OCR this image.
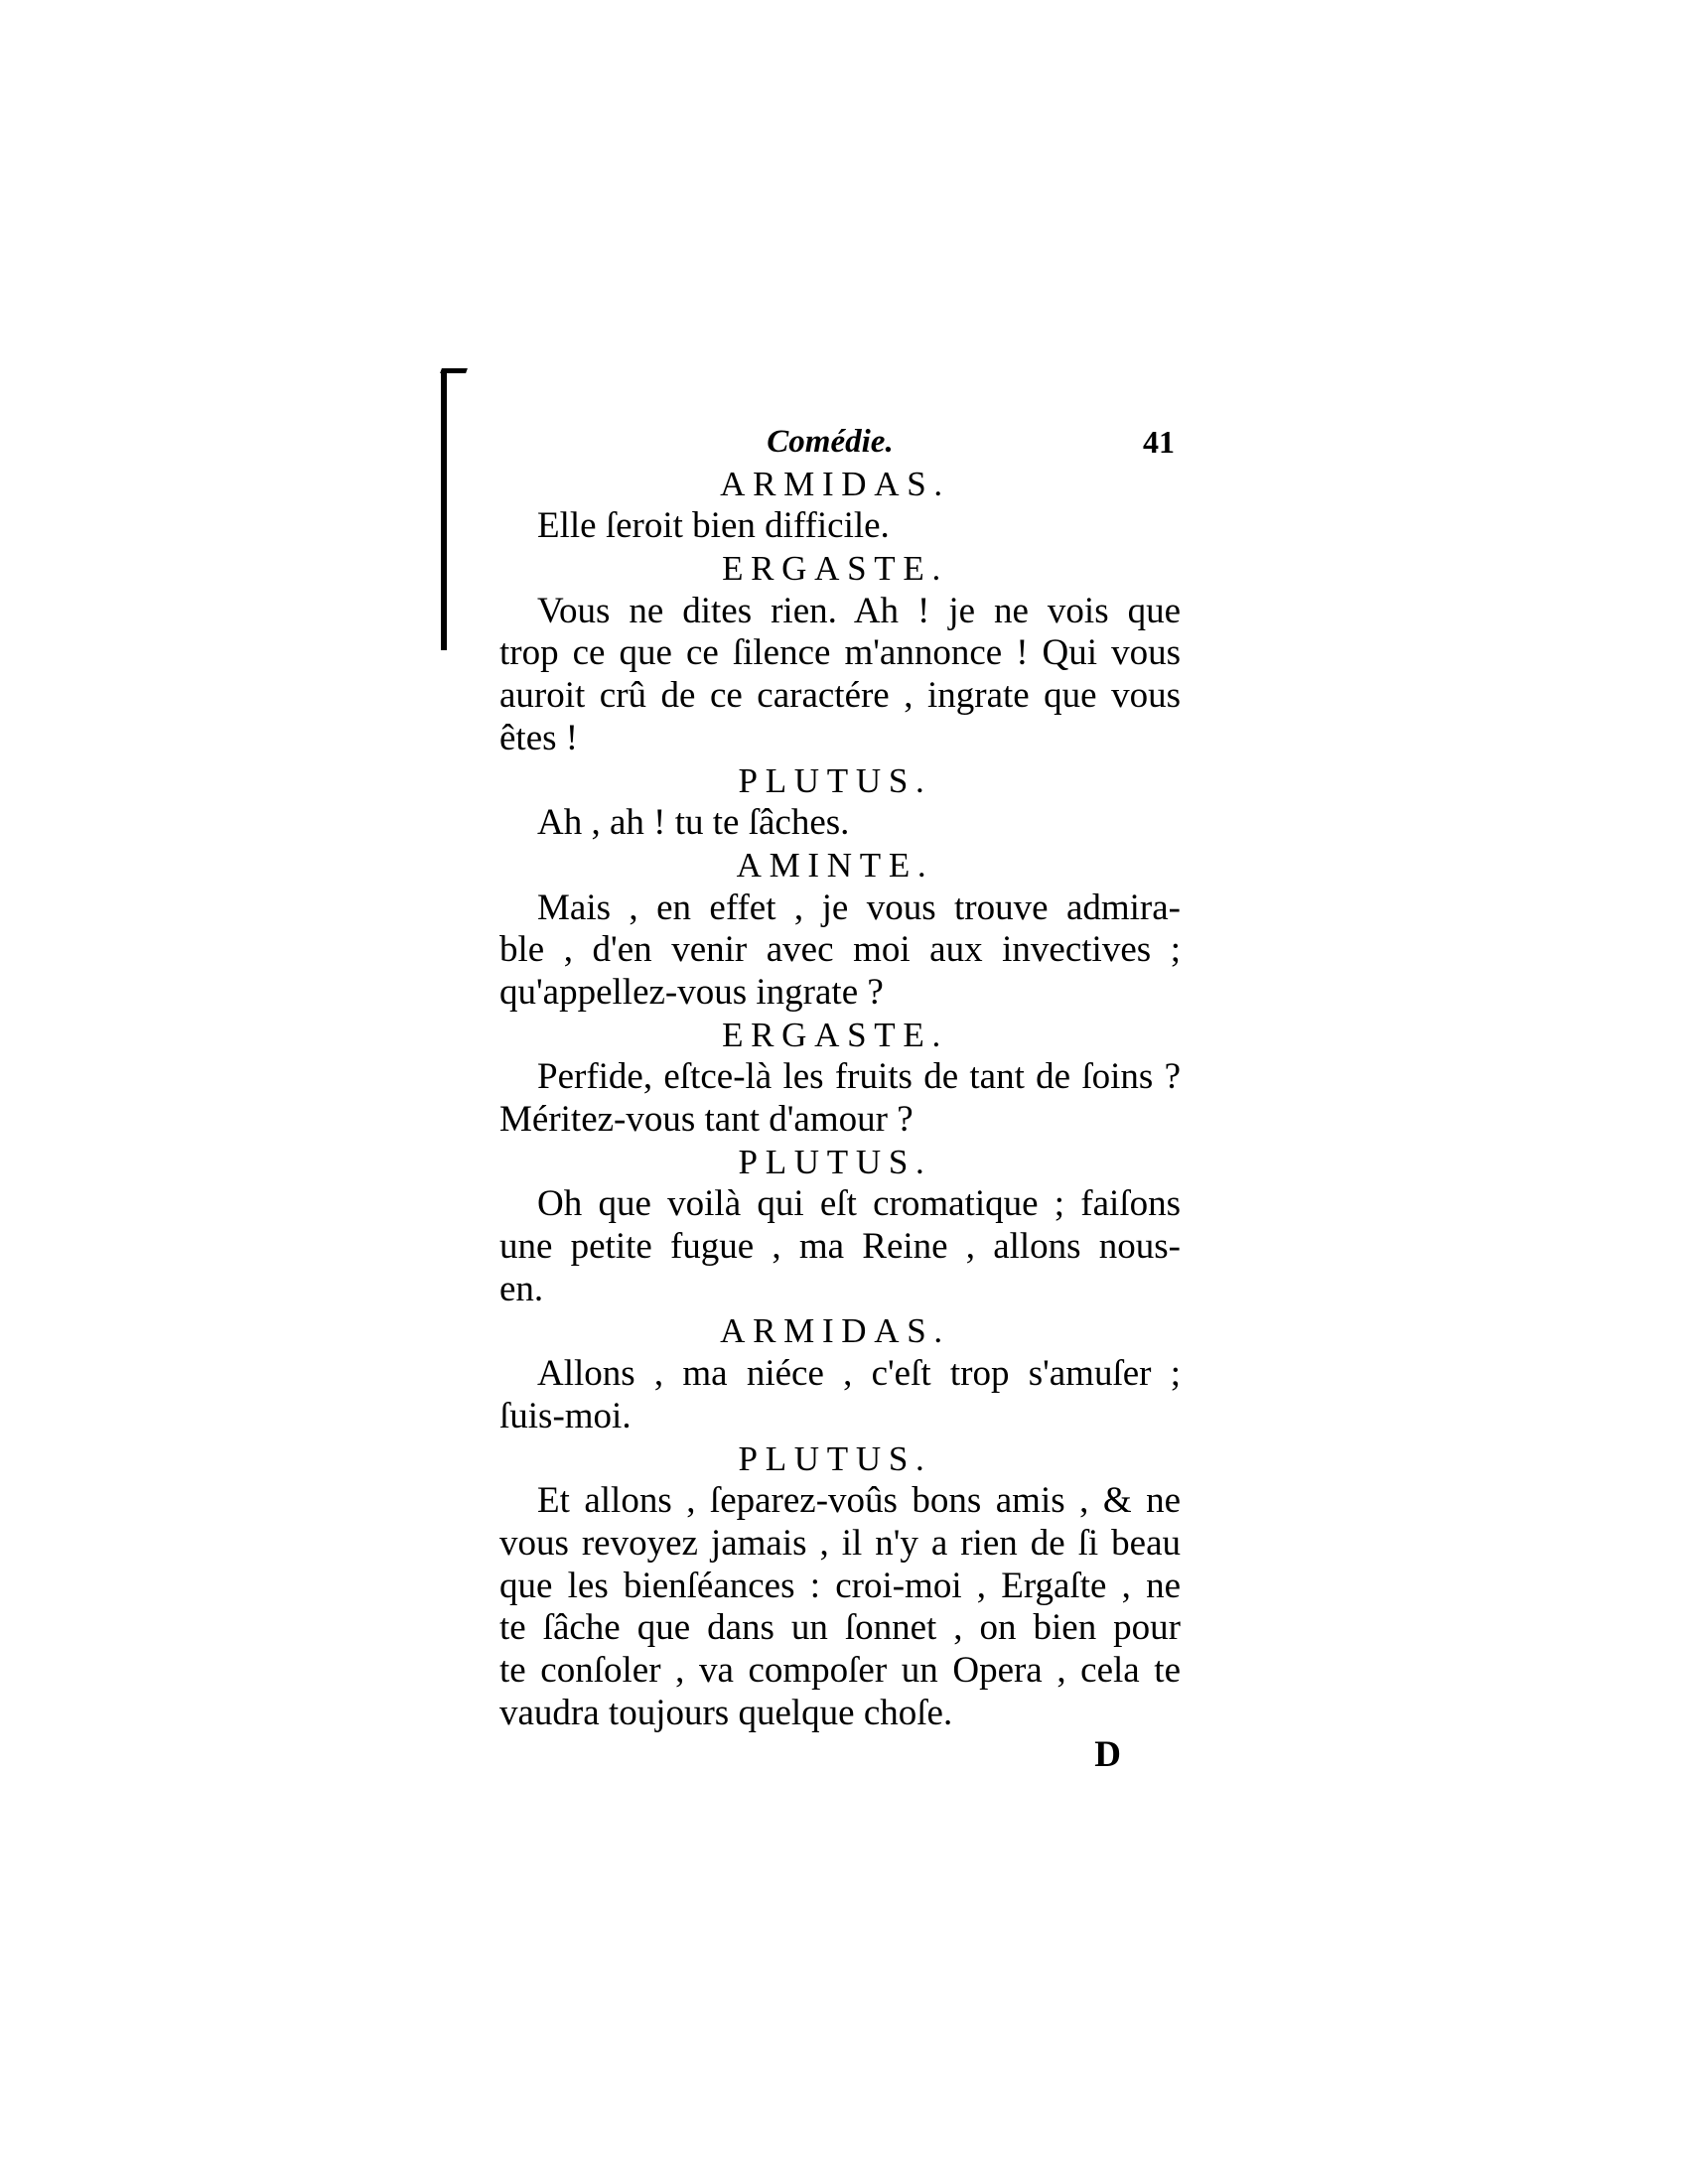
Comédie.	41
ARMIDAS.
Elle ſeroit bien difficile.
ERGASTE.
Vous ne dites rien. Ah ! je ne vois que
trop ce que ce ſilence m'annonce ! Qui vous
auroit crû de ce caractére , ingrate que vous
êtes !
PLUTUS.
Ah , ah ! tu te ſâches.
AMINTE.
Mais , en effet , je vous trouve admira-
ble , d'en venir avec moi aux invectives ;
qu'appellez-vous ingrate ?
ERGASTE.
Perfide, eſtce-là les fruits de tant de ſoins ?
Méritez-vous tant d'amour ?
PLUTUS.
Oh que voilà qui eſt cromatique ; faiſons
une petite fugue , ma Reine , allons nous-
en.
ARMIDAS.
Allons , ma niéce , c'eſt trop s'amuſer ;
ſuis-moi.
PLUTUS.
Et allons , ſeparez-voûs bons amis , & ne
vous revoyez jamais , il n'y a rien de ſi beau
que les bienſéances : croi-moi , Ergaſte , ne
te ſâche que dans un ſonnet , on bien pour
te conſoler , va compoſer un Opera , cela te
vaudra toujours quelque choſe.
D
